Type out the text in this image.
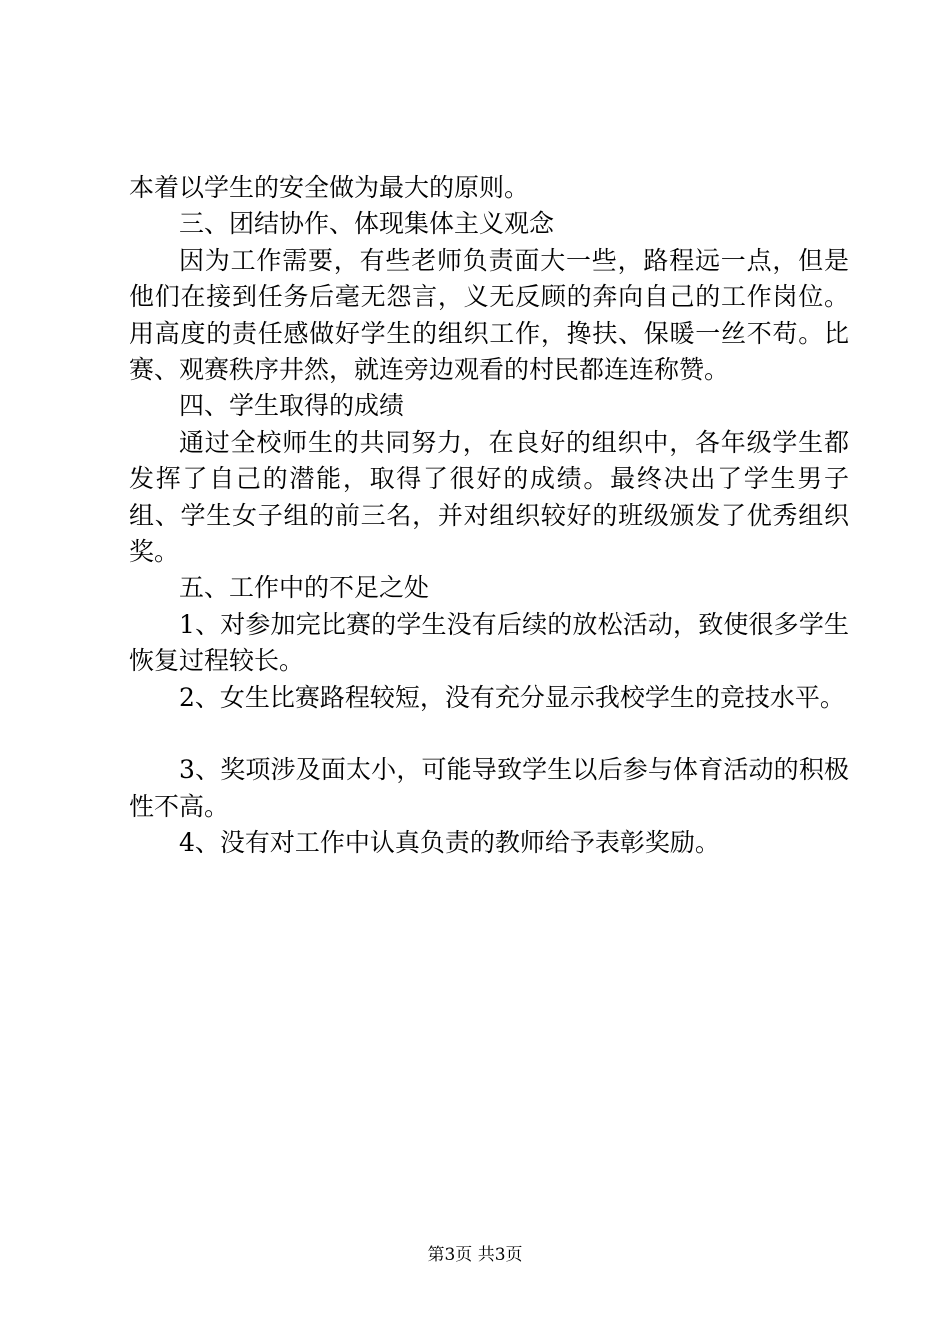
本着以学生的安全做为最大的原则。

三、团结协作、体现集体主义观念

因为工作需要，有些老师负责面大一些，路程远一点，但是他们在接到任务后毫无怨言，义无反顾的奔向自己的工作岗位。用高度的责任感做好学生的组织工作，搀扶、保暖一丝不苟。比赛、观赛秩序井然，就连旁边观看的村民都连连称赞。

四、学生取得的成绩

通过全校师生的共同努力，在良好的组织中，各年级学生都发挥了自己的潜能，取得了很好的成绩。最终决出了学生男子组、学生女子组的前三名，并对组织较好的班级颁发了优秀组织奖。

五、工作中的不足之处

1、对参加完比赛的学生没有后续的放松活动，致使很多学生恢复过程较长。

2、女生比赛路程较短，没有充分显示我校学生的竞技水平。

3、奖项涉及面太小，可能导致学生以后参与体育活动的积极性不高。

4、没有对工作中认真负责的教师给予表彰奖励。

第3页 共3页
